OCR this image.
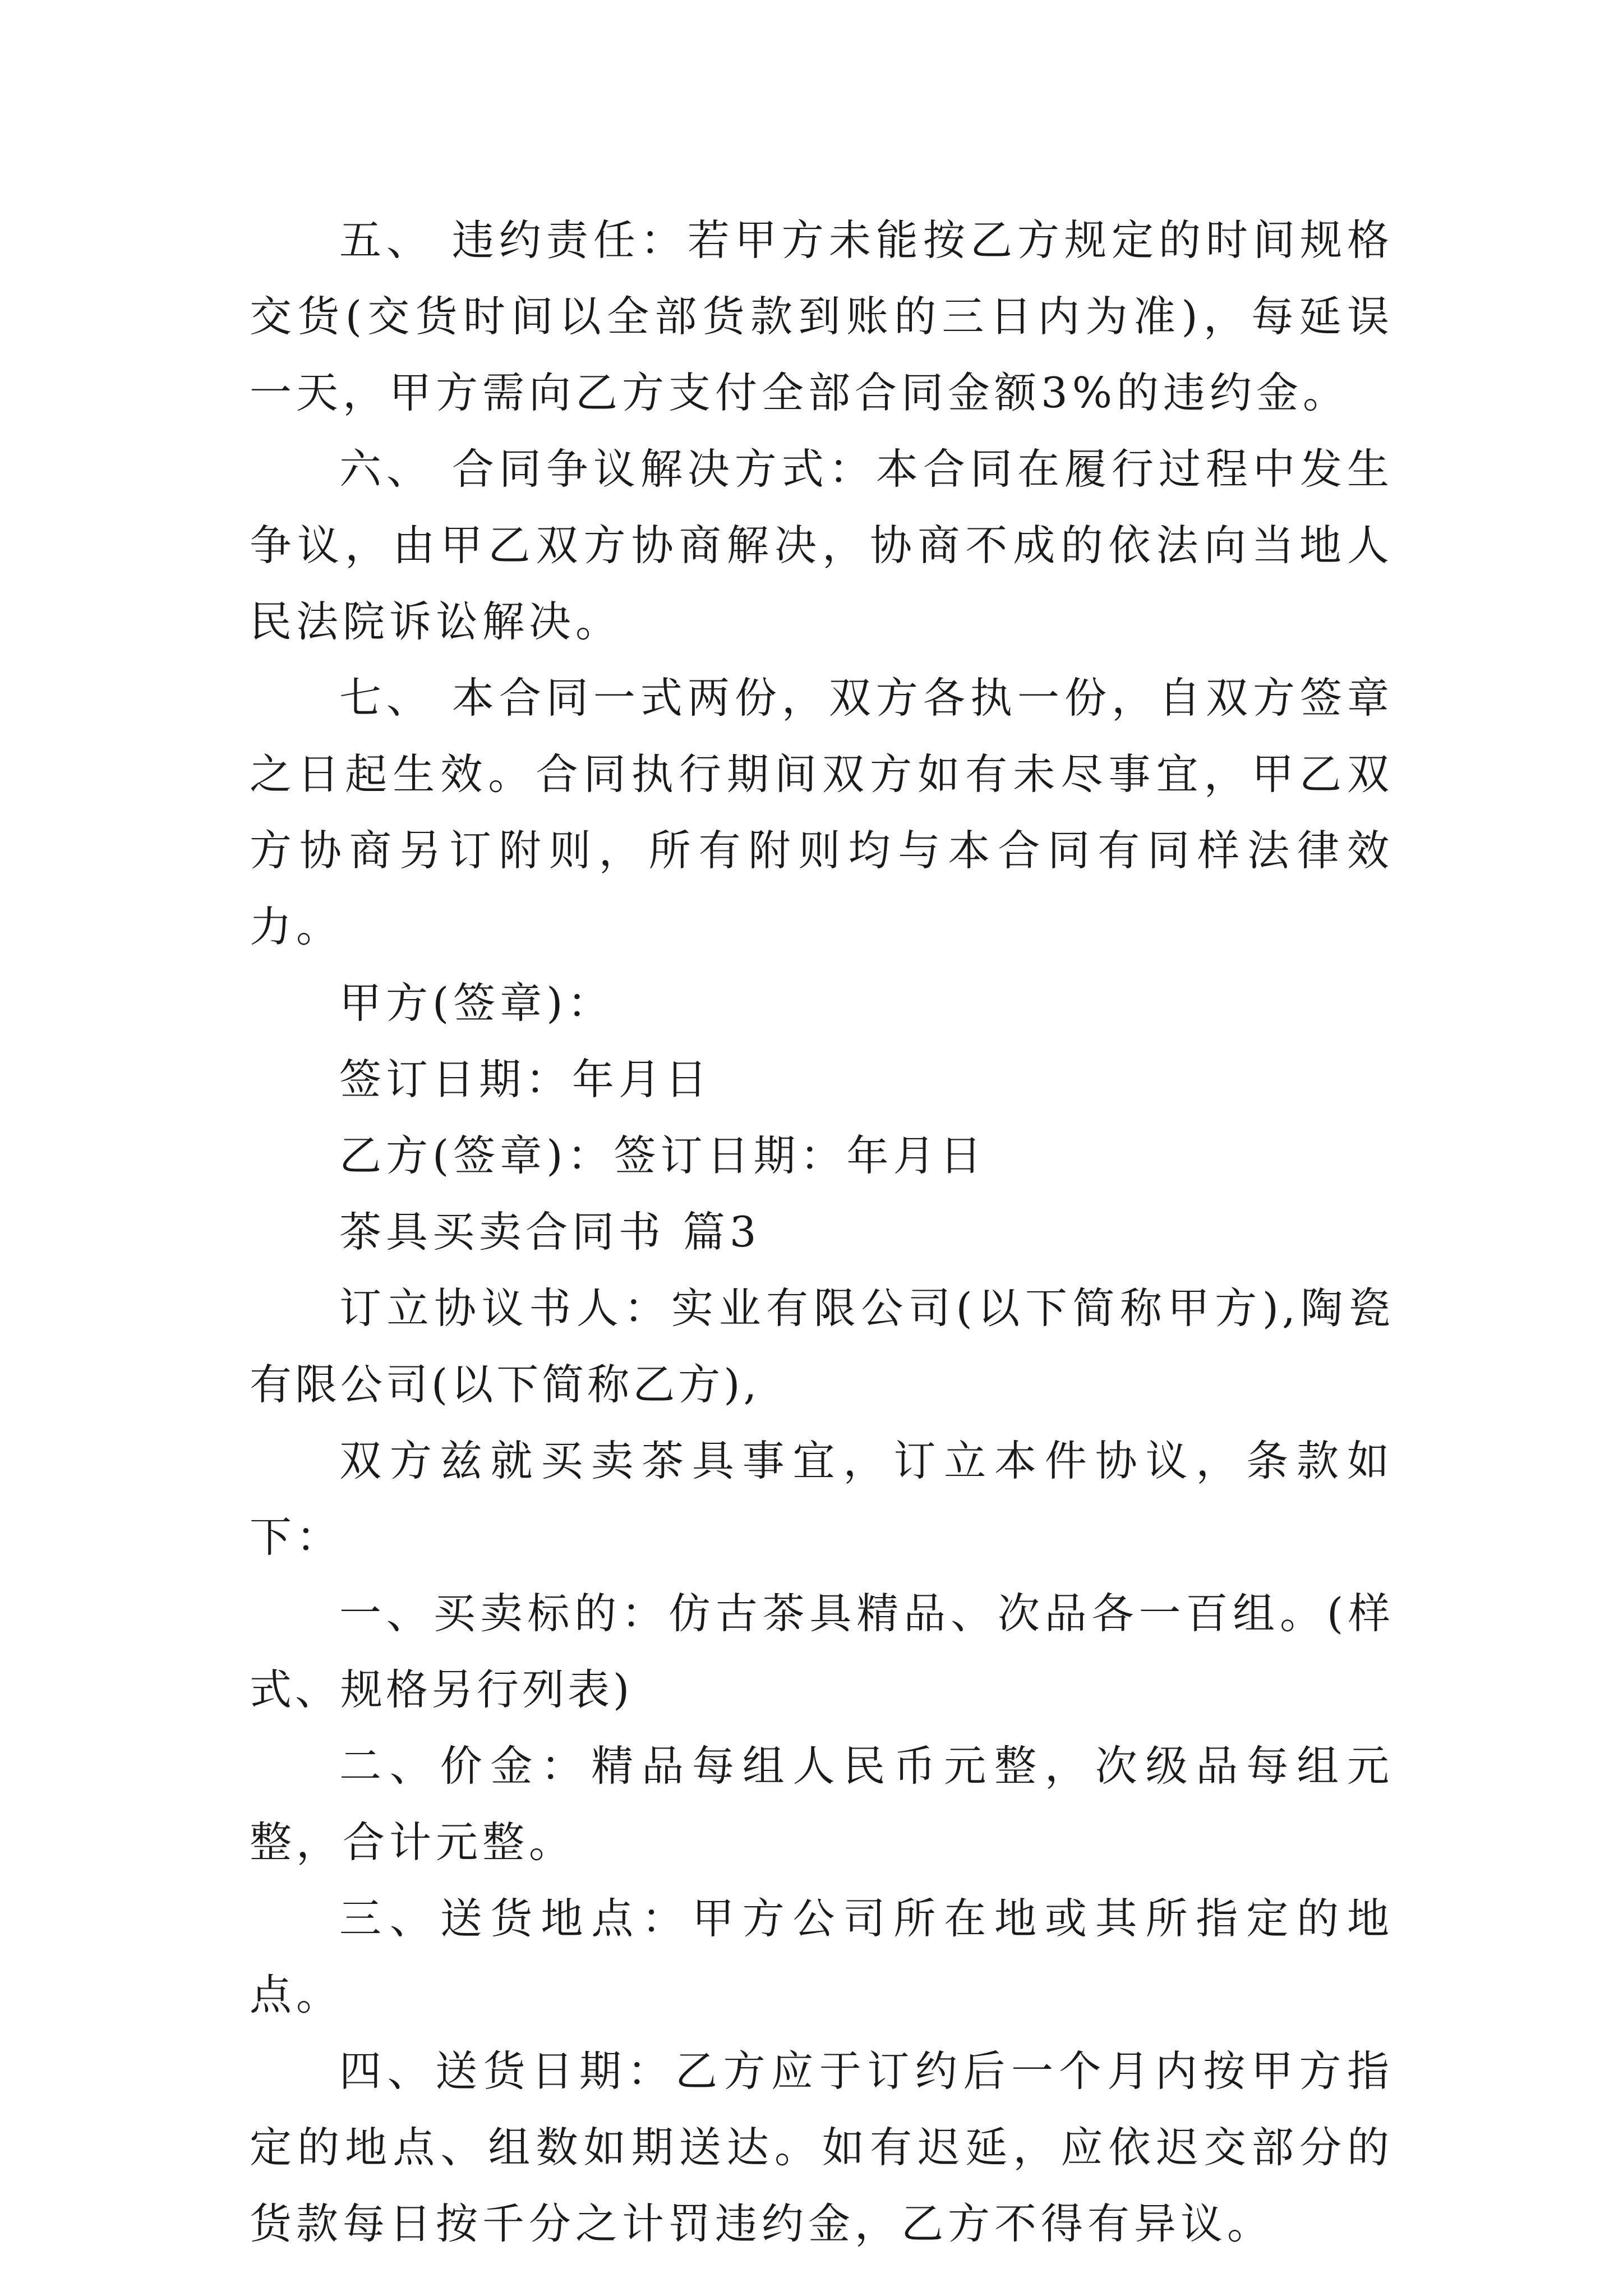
五、 违约责任：若甲方未能按乙方规定的时间规格交货(交货时间以全部货款到账的三日内为准)，每延误一天，甲方需向乙方支付全部合同金额3%的违约金。

六、 合同争议解决方式：本合同在履行过程中发生争议，由甲乙双方协商解决，协商不成的依法向当地人民法院诉讼解决。

七、 本合同一式两份，双方各执一份，自双方签章之日起生效。合同执行期间双方如有未尽事宜，甲乙双方协商另订附则，所有附则均与本合同有同样法律效力。

甲方(签章)：

签订日期：年月日

乙方(签章)：签订日期：年月日

茶具买卖合同书 篇3

订立协议书人：实业有限公司(以下简称甲方),陶瓷有限公司(以下简称乙方),

双方兹就买卖茶具事宜，订立本件协议，条款如下：

一、买卖标的：仿古茶具精品、次品各一百组。(样式、规格另行列表)

二、价金：精品每组人民币元整，次级品每组元整，合计元整。

三、送货地点：甲方公司所在地或其所指定的地点。

四、送货日期：乙方应于订约后一个月内按甲方指定的地点、组数如期送达。如有迟延，应依迟交部分的货款每日按千分之计罚违约金，乙方不得有异议。
